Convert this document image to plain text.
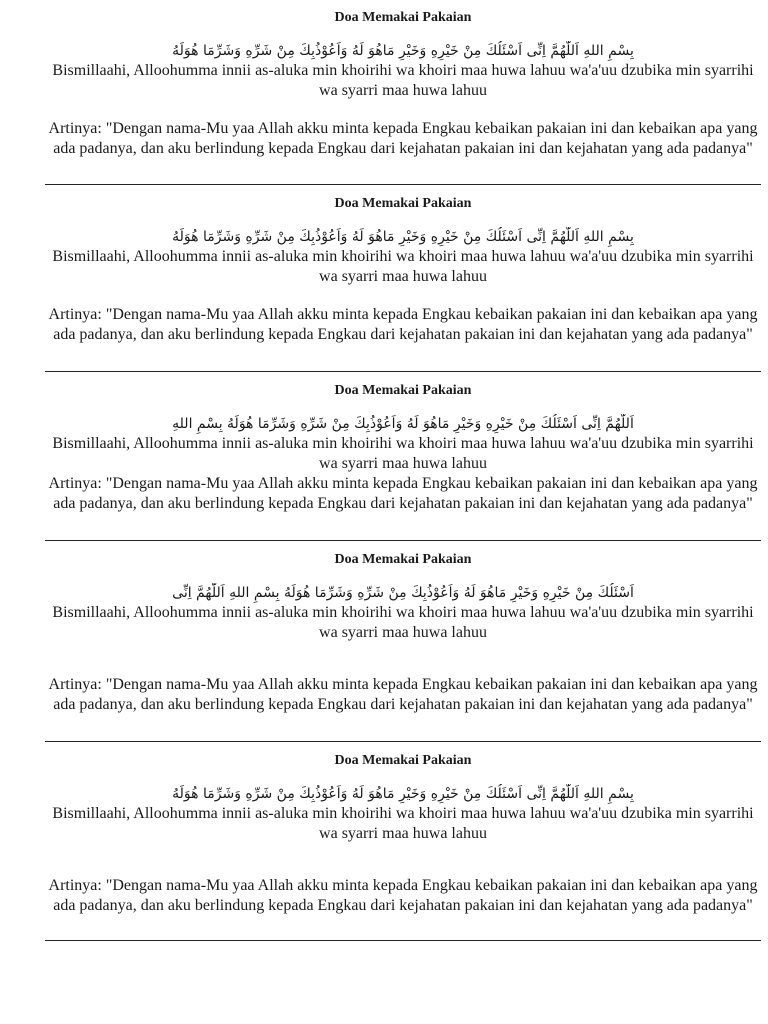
Doa Memakai Pakaian

بِسْمِ اللهِ اَللّٰهُمَّ اِنِّى اَسْئَلُكَ مِنْ خَيْرِهِ وَخَيْرِ مَاهُوَ لَهُ وَاَعُوْذُبِكَ مِنْ شَرِّهِ وَشَرِّمَا هُوَلَهُ

Bismillaahi, Alloohumma innii as-aluka min khoirihi wa khoiri maa huwa lahuu wa'a'uu dzubika min syarrihi wa syarri maa huwa lahuu

Artinya: "Dengan nama-Mu yaa Allah akku minta kepada Engkau kebaikan pakaian ini dan kebaikan apa yang ada padanya, dan aku berlindung kepada Engkau dari kejahatan pakaian ini dan kejahatan yang ada padanya"

Doa Memakai Pakaian

بِسْمِ اللهِ اَللّٰهُمَّ اِنِّى اَسْئَلُكَ مِنْ خَيْرِهِ وَخَيْرِ مَاهُوَ لَهُ وَاَعُوْذُبِكَ مِنْ شَرِّهِ وَشَرِّمَا هُوَلَهُ

Bismillaahi, Alloohumma innii as-aluka min khoirihi wa khoiri maa huwa lahuu wa'a'uu dzubika min syarrihi wa syarri maa huwa lahuu

Artinya: "Dengan nama-Mu yaa Allah akku minta kepada Engkau kebaikan pakaian ini dan kebaikan apa yang ada padanya, dan aku berlindung kepada Engkau dari kejahatan pakaian ini dan kejahatan yang ada padanya"

Doa Memakai Pakaian

اَللّٰهُمَّ اِنِّى اَسْئَلُكَ مِنْ خَيْرِهِ وَخَيْرِ مَاهُوَ لَهُ وَاَعُوْذُبِكَ مِنْ شَرِّهِ وَشَرِّمَا هُوَلَهُ بِسْمِ اللهِ

Bismillaahi, Alloohumma innii as-aluka min khoirihi wa khoiri maa huwa lahuu wa'a'uu dzubika min syarrihi wa syarri maa huwa lahuu

Artinya: "Dengan nama-Mu yaa Allah akku minta kepada Engkau kebaikan pakaian ini dan kebaikan apa yang ada padanya, dan aku berlindung kepada Engkau dari kejahatan pakaian ini dan kejahatan yang ada padanya"

Doa Memakai Pakaian

اَسْئَلُكَ مِنْ خَيْرِهِ وَخَيْرِ مَاهُوَ لَهُ وَاَعُوْذُبِكَ مِنْ شَرِّهِ وَشَرِّمَا هُوَلَهُ بِسْمِ اللهِ اَللّٰهُمَّ اِنِّى

Bismillaahi, Alloohumma innii as-aluka min khoirihi wa khoiri maa huwa lahuu wa'a'uu dzubika min syarrihi wa syarri maa huwa lahuu

Artinya: "Dengan nama-Mu yaa Allah akku minta kepada Engkau kebaikan pakaian ini dan kebaikan apa yang ada padanya, dan aku berlindung kepada Engkau dari kejahatan pakaian ini dan kejahatan yang ada padanya"

Doa Memakai Pakaian

بِسْمِ اللهِ اَللّٰهُمَّ اِنِّى اَسْئَلُكَ مِنْ خَيْرِهِ وَخَيْرِ مَاهُوَ لَهُ وَاَعُوْذُبِكَ مِنْ شَرِّهِ وَشَرِّمَا هُوَلَهُ

Bismillaahi, Alloohumma innii as-aluka min khoirihi wa khoiri maa huwa lahuu wa'a'uu dzubika min syarrihi wa syarri maa huwa lahuu

Artinya: "Dengan nama-Mu yaa Allah akku minta kepada Engkau kebaikan pakaian ini dan kebaikan apa yang ada padanya, dan aku berlindung kepada Engkau dari kejahatan pakaian ini dan kejahatan yang ada padanya"
